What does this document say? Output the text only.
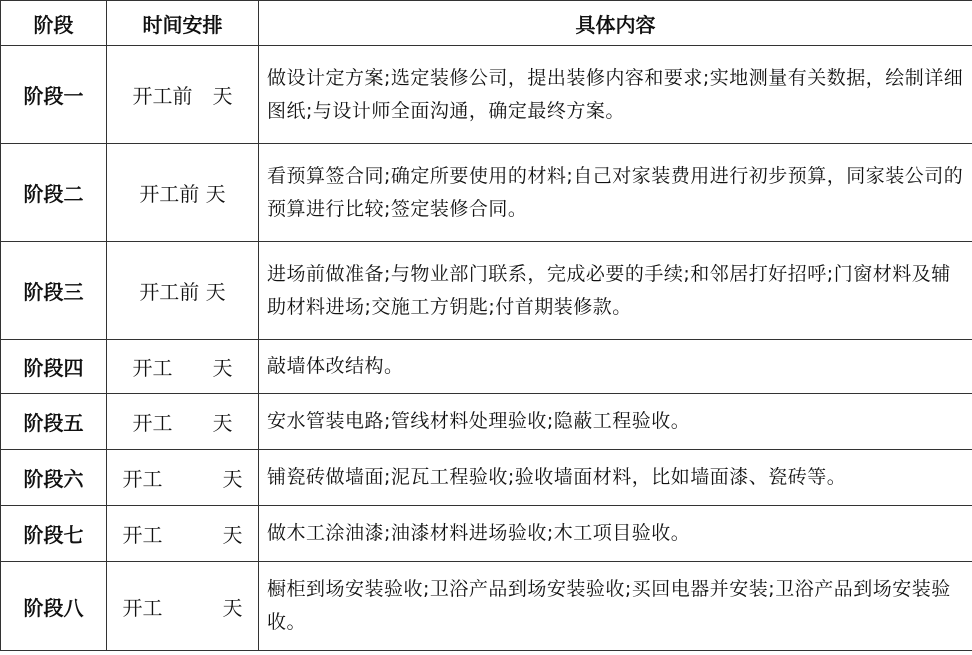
阶段	时间安排	具体内容
阶段一	开工前　天	做设计定方案;选定装修公司，提出装修内容和要求;实地测量有关数据，绘制详细图纸;与设计师全面沟通，确定最终方案。
阶段二	开工前 天	看预算签合同;确定所要使用的材料;自己对家装费用进行初步预算，同家装公司的预算进行比较;签定装修合同。
阶段三	开工前 天	进场前做准备;与物业部门联系，完成必要的手续;和邻居打好招呼;门窗材料及辅助材料进场;交施工方钥匙;付首期装修款。
阶段四	开工　　天	敲墙体改结构。
阶段五	开工　　天	安水管装电路;管线材料处理验收;隐蔽工程验收。
阶段六	开工　　　天	铺瓷砖做墙面;泥瓦工程验收;验收墙面材料，比如墙面漆、瓷砖等。
阶段七	开工　　　天	做木工涂油漆;油漆材料进场验收;木工项目验收。
阶段八	开工　　　天	橱柜到场安装验收;卫浴产品到场安装验收;买回电器并安装;卫浴产品到场安装验收。
